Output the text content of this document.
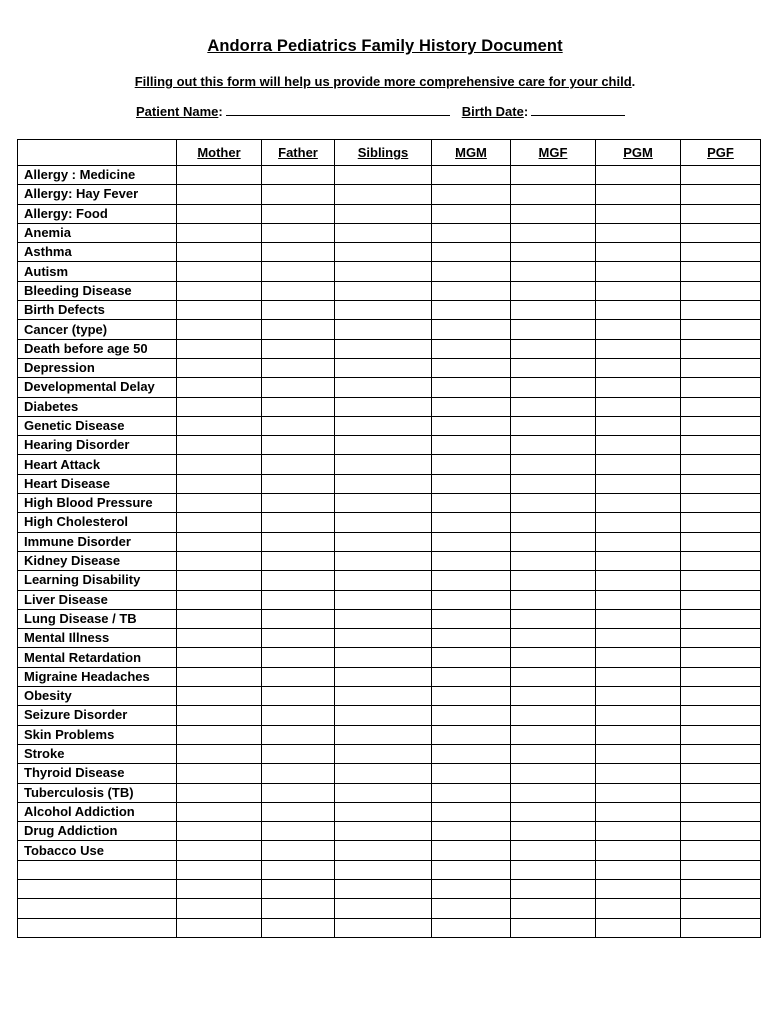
Andorra Pediatrics Family History Document
Filling out this form will help us provide more comprehensive care for your child.
Patient Name:	Birth Date:
	Mother	Father	Siblings	MGM	MGF	PGM	PGF
Allergy : Medicine							
Allergy: Hay Fever							
Allergy: Food							
Anemia							
Asthma							
Autism							
Bleeding Disease							
Birth Defects							
Cancer (type)							
Death before age 50							
Depression							
Developmental Delay							
Diabetes							
Genetic Disease							
Hearing Disorder							
Heart Attack							
Heart Disease							
High Blood Pressure							
High Cholesterol							
Immune Disorder							
Kidney Disease							
Learning Disability							
Liver Disease							
Lung Disease / TB							
Mental Illness							
Mental Retardation							
Migraine Headaches							
Obesity							
Seizure Disorder							
Skin Problems							
Stroke							
Thyroid Disease							
Tuberculosis (TB)							
Alcohol Addiction							
Drug Addiction							
Tobacco Use							
